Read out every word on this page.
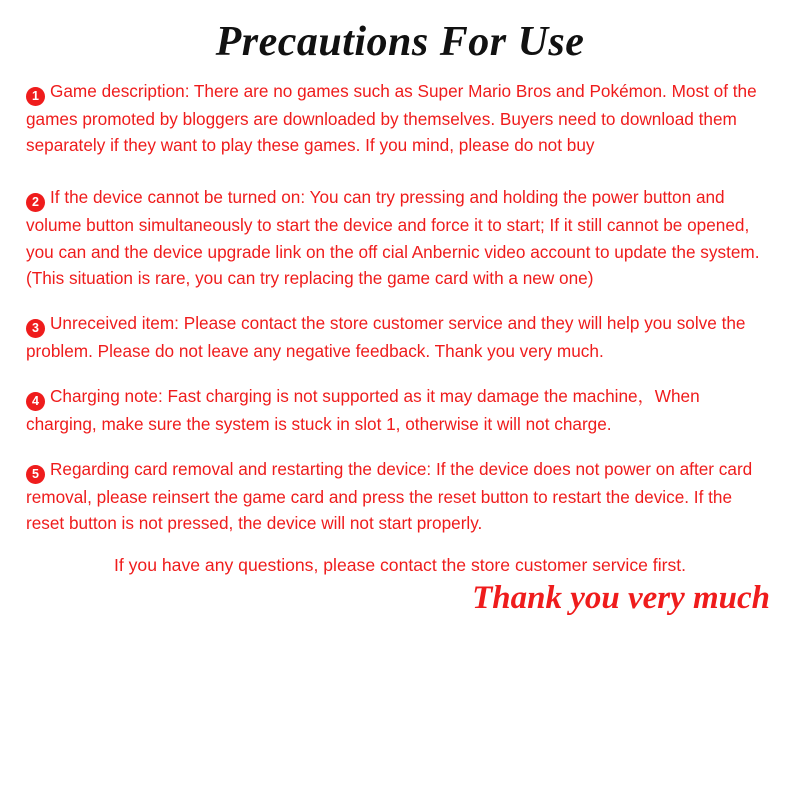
Precautions For Use

1 Game description: There are no games such as Super Mario Bros and Pokémon. Most of the games promoted by bloggers are downloaded by themselves. Buyers need to download them separately if they want to play these games. If you mind, please do not buy

2 If the device cannot be turned on: You can try pressing and holding the power button and volume button simultaneously to start the device and force it to start; If it still cannot be opened, you can and the device upgrade link on the off cial Anbernic video account to update the system. (This situation is rare, you can try replacing the game card with a new one)

3 Unreceived item: Please contact the store customer service and they will help you solve the problem. Please do not leave any negative feedback. Thank you very much.

4 Charging note: Fast charging is not supported as it may damage the machine，When charging, make sure the system is stuck in slot 1, otherwise it will not charge.

5 Regarding card removal and restarting the device: If the device does not power on after card removal, please reinsert the game card and press the reset button to restart the device. If the reset button is not pressed, the device will not start properly.

If you have any questions, please contact the store customer service first.
Thank you very much
